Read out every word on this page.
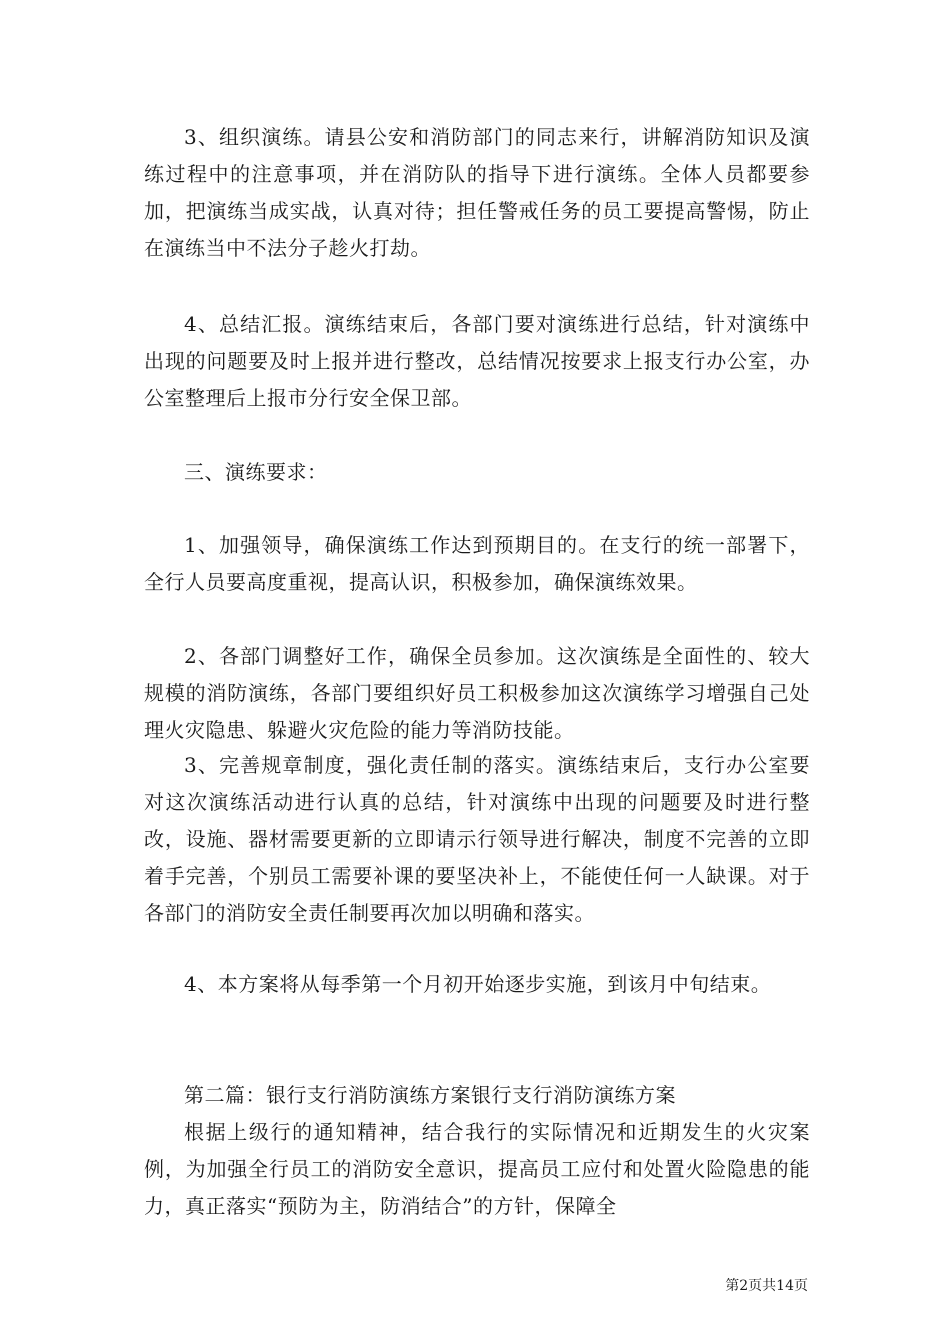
3、组织演练。请县公安和消防部门的同志来行，讲解消防知识及演练过程中的注意事项，并在消防队的指导下进行演练。全体人员都要参加，把演练当成实战，认真对待；担任警戒任务的员工要提高警惕，防止在演练当中不法分子趁火打劫。

4、总结汇报。演练结束后，各部门要对演练进行总结，针对演练中出现的问题要及时上报并进行整改，总结情况按要求上报支行办公室，办公室整理后上报市分行安全保卫部。

三、演练要求：

1、加强领导，确保演练工作达到预期目的。在支行的统一部署下，全行人员要高度重视，提高认识，积极参加，确保演练效果。

2、各部门调整好工作，确保全员参加。这次演练是全面性的、较大规模的消防演练，各部门要组织好员工积极参加这次演练学习增强自己处理火灾隐患、躲避火灾危险的能力等消防技能。

3、完善规章制度，强化责任制的落实。演练结束后，支行办公室要对这次演练活动进行认真的总结，针对演练中出现的问题要及时进行整改，设施、器材需要更新的立即请示行领导进行解决，制度不完善的立即着手完善，个别员工需要补课的要坚决补上，不能使任何一人缺课。对于各部门的消防安全责任制要再次加以明确和落实。

4、本方案将从每季第一个月初开始逐步实施，到该月中旬结束。

第二篇：银行支行消防演练方案银行支行消防演练方案

根据上级行的通知精神，结合我行的实际情况和近期发生的火灾案例，为加强全行员工的消防安全意识，提高员工应付和处置火险隐患的能力，真正落实“预防为主，防消结合”的方针，保障全

第2页共14页
